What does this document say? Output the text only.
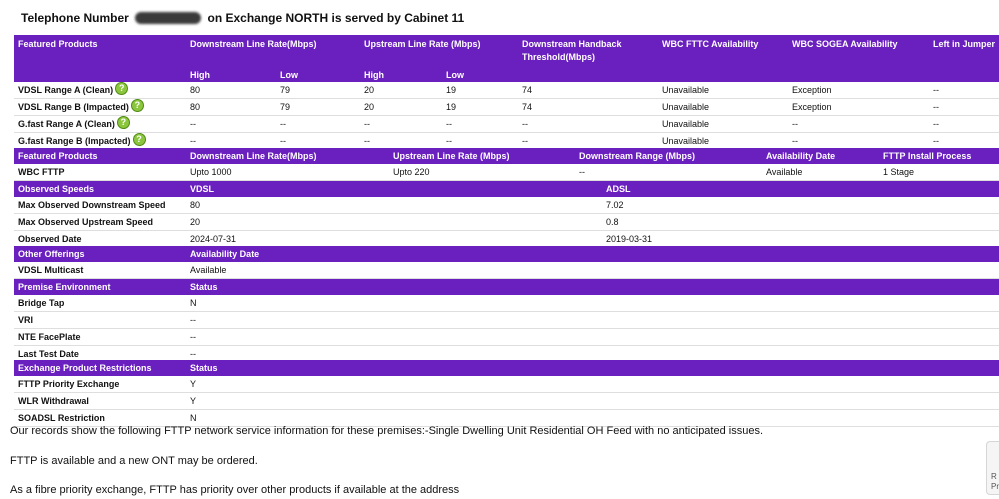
Telephone Number	on Exchange NORTH is served by Cabinet 11
Featured Products	Downstream Line Rate(Mbps)		Upstream Line Rate (Mbps)		Downstream Handback Threshold(Mbps)	WBC FTTC Availability	WBC SOGEA Availability	Left in Jumper
	High	Low	High	Low				
VDSL Range A (Clean)?	80	79	20	19	74	Unavailable	Exception	--
VDSL Range B (Impacted)?	80	79	20	19	74	Unavailable	Exception	--
G.fast Range A (Clean)?	--	--	--	--	--	Unavailable	--	--
G.fast Range B (Impacted)?	--	--	--	--	--	Unavailable	--	--
Featured Products	Downstream Line Rate(Mbps)	Upstream Line Rate (Mbps)	Downstream Range (Mbps)	Availability Date	FTTP Install Process
WBC FTTP	Upto 1000	Upto 220	--	Available	1 Stage
Observed Speeds	VDSL	ADSL
Max Observed Downstream Speed	80	7.02
Max Observed Upstream Speed	20	0.8
Observed Date	2024-07-31	2019-03-31
Other Offerings	Availability Date
VDSL Multicast	Available
Premise Environment	Status
Bridge Tap	N
VRI	--
NTE FacePlate	--
Last Test Date	--
Exchange Product Restrictions	Status
FTTP Priority Exchange	Y
WLR Withdrawal	Y
SOADSL Restriction	N
Our records show the following FTTP network service information for these premises:-Single Dwelling Unit Residential OH Feed with no anticipated issues.
FTTP is available and a new ONT may be ordered.
As a fibre priority exchange, FTTP has priority over other products if available at the address
R
Pr
